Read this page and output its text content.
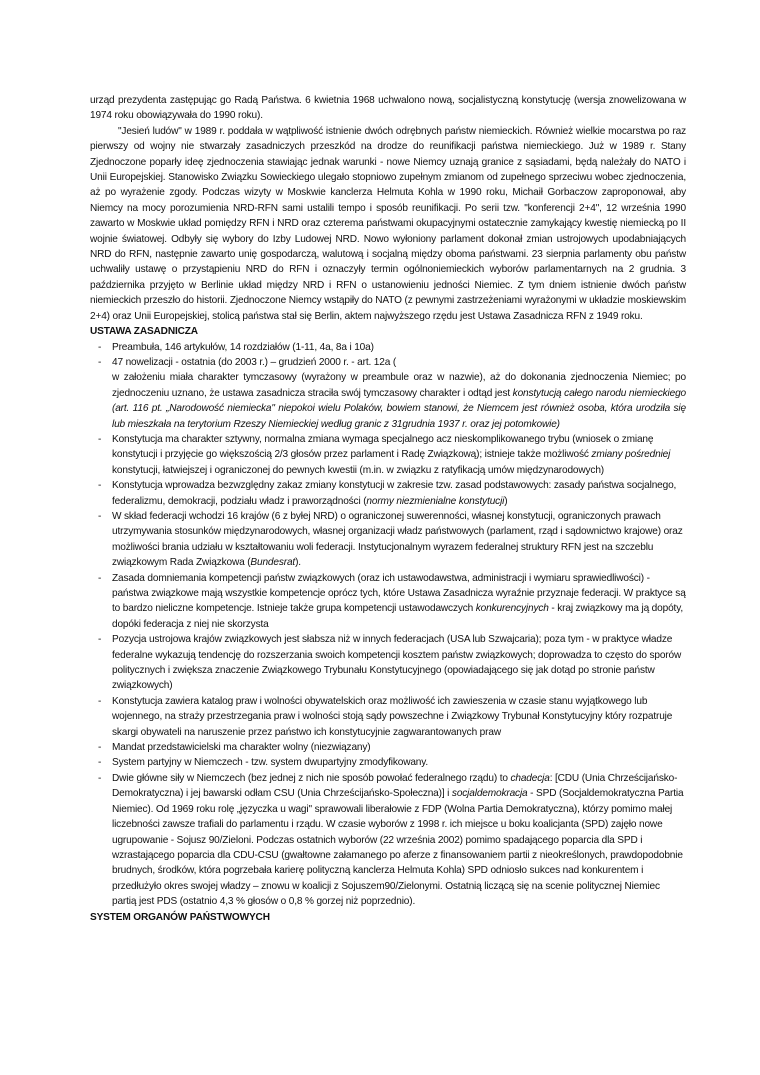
urząd prezydenta zastępując go Radą Państwa. 6 kwietnia 1968 uchwalono nową, socjalistyczną konstytucję (wersja znowelizowana w 1974 roku obowiązywała do 1990 roku).

"Jesień ludów" w 1989 r. poddała w wątpliwość istnienie dwóch odrębnych państw niemieckich. Również wielkie mocarstwa po raz pierwszy od wojny nie stwarzały zasadniczych przeszkód na drodze do reunifikacji państwa niemieckiego. Już w 1989 r. Stany Zjednoczone poparły ideę zjednoczenia stawiając jednak warunki - nowe Niemcy uznają granice z sąsiadami, będą należały do NATO i Unii Europejskiej. Stanowisko Związku Sowieckiego ulegało stopniowo zupełnym zmianom od zupełnego sprzeciwu wobec zjednoczenia, aż po wyrażenie zgody. Podczas wizyty w Moskwie kanclerza Helmuta Kohla w 1990 roku, Michaił Gorbaczow zaproponował, aby Niemcy na mocy porozumienia NRD-RFN sami ustalili tempo i sposób reunifikacji. Po serii tzw. "konferencji 2+4", 12 września 1990 zawarto w Moskwie układ pomiędzy RFN i NRD oraz czterema państwami okupacyjnymi ostatecznie zamykający kwestię niemiecką po II wojnie światowej. Odbyły się wybory do Izby Ludowej NRD. Nowo wyłoniony parlament dokonał zmian ustrojowych upodabniających NRD do RFN, następnie zawarto unię gospodarczą, walutową i socjalną między oboma państwami. 23 sierpnia parlamenty obu państw uchwaliły ustawę o przystąpieniu NRD do RFN i oznaczyły termin ogólnoniemieckich wyborów parlamentarnych na 2 grudnia. 3 października przyjęto w Berlinie układ między NRD i RFN o ustanowieniu jedności Niemiec. Z tym dniem istnienie dwóch państw niemieckich przeszło do historii. Zjednoczone Niemcy wstąpiły do NATO (z pewnymi zastrzeżeniami wyrażonymi w układzie moskiewskim 2+4) oraz Unii Europejskiej, stolicą państwa stał się Berlin, aktem najwyższego rzędu jest Ustawa Zasadnicza RFN z 1949 roku.

USTAWA ZASADNICZA

- Preambuła, 146 artykułów, 14 rozdziałów (1-11, 4a, 8a i 10a)
- 47 nowelizacji - ostatnia (do 2003 r.) – grudzień 2000 r. - art. 12a (

w założeniu miała charakter tymczasowy (wyrażony w preambule oraz w nazwie), aż do dokonania zjednoczenia Niemiec; po zjednoczeniu uznano, że ustawa zasadnicza straciła swój tymczasowy charakter i odtąd jest konstytucją całego narodu niemieckiego (art. 116 pt. „Narodowość niemiecka" niepokoi wielu Polaków, bowiem stanowi, że Niemcem jest również osoba, która urodziła się lub mieszkała na terytorium Rzeszy Niemieckiej według granic z 31grudnia 1937 r. oraz jej potomkowie)

- Konstytucja ma charakter sztywny, normalna zmiana wymaga specjalnego acz nieskomplikowanego trybu (wniosek o zmianę konstytucji i przyjęcie go większością 2/3 głosów przez parlament i Radę Związkową); istnieje także możliwość zmiany pośredniej konstytucji, łatwiejszej i ograniczonej do pewnych kwestii (m.in. w związku z ratyfikacją umów międzynarodowych)
- Konstytucja wprowadza bezwzględny zakaz zmiany konstytucji w zakresie tzw. zasad podstawowych: zasady państwa socjalnego, federalizmu, demokracji, podziału władz i praworządności (normy niezmienialne konstytucji)
- W skład federacji wchodzi 16 krajów (6 z byłej NRD) o ograniczonej suwerenności, własnej konstytucji, ograniczonych prawach utrzymywania stosunków międzynarodowych, własnej organizacji władz państwowych (parlament, rząd i sądownictwo krajowe) oraz możliwości brania udziału w kształtowaniu woli federacji. Instytucjonalnym wyrazem federalnej struktury RFN jest na szczeblu związkowym Rada Związkowa (Bundesrat).
- Zasada domniemania kompetencji państw związkowych (oraz ich ustawodawstwa, administracji i wymiaru sprawiedliwości) - państwa związkowe mają wszystkie kompetencje oprócz tych, które Ustawa Zasadnicza wyraźnie przyznaje federacji. W praktyce są to bardzo nieliczne kompetencje. Istnieje także grupa kompetencji ustawodawczych konkurencyjnych - kraj związkowy ma ją dopóty, dopóki federacja z niej nie skorzysta
- Pozycja ustrojowa krajów związkowych jest słabsza niż w innych federacjach (USA lub Szwajcaria); poza tym - w praktyce władze federalne wykazują tendencję do rozszerzania swoich kompetencji kosztem państw związkowych; doprowadza to często do sporów politycznych i zwiększa znaczenie Związkowego Trybunału Konstytucyjnego (opowiadającego się jak dotąd po stronie państw związkowych)
- Konstytucja zawiera katalog praw i wolności obywatelskich oraz możliwość ich zawieszenia w czasie stanu wyjątkowego lub wojennego, na straży przestrzegania praw i wolności stoją sądy powszechne i Związkowy Trybunał Konstytucyjny który rozpatruje skargi obywateli na naruszenie przez państwo ich konstytucyjnie zagwarantowanych praw
- Mandat przedstawicielski ma charakter wolny (niezwiązany)
- System partyjny w Niemczech - tzw. system dwupartyjny zmodyfikowany.
- Dwie główne siły w Niemczech (bez jednej z nich nie sposób powołać federalnego rządu) to chadecja: [CDU (Unia Chrześcijańsko-Demokratyczna) i jej bawarski odłam CSU (Unia Chrześcijańsko-Społeczna)] i socjaldemokracja - SPD (Socjaldemokratyczna Partia Niemiec). Od 1969 roku rolę „języczka u wagi" sprawowali liberałowie z FDP (Wolna Partia Demokratyczna), którzy pomimo małej liczebności zawsze trafiali do parlamentu i rządu. W czasie wyborów z 1998 r. ich miejsce u boku koalicjanta (SPD) zajęło nowe ugrupowanie - Sojusz 90/Zieloni. Podczas ostatnich wyborów (22 września 2002) pomimo spadającego poparcia dla SPD i wzrastającego poparcia dla CDU-CSU (gwałtowne załamanego po aferze z finansowaniem partii z nieokreślonych, prawdopodobnie brudnych, środków, która pogrzebała karierę polityczną kanclerza Helmuta Kohla) SPD odniosło sukces nad konkurentem i przedłużyło okres swojej władzy – znowu w koalicji z Sojuszem90/Zielonymi. Ostatnią liczącą się na scenie politycznej Niemiec partią jest PDS (ostatnio 4,3 % głosów o 0,8 % gorzej niż poprzednio).

SYSTEM ORGANÓW PAŃSTWOWYCH
